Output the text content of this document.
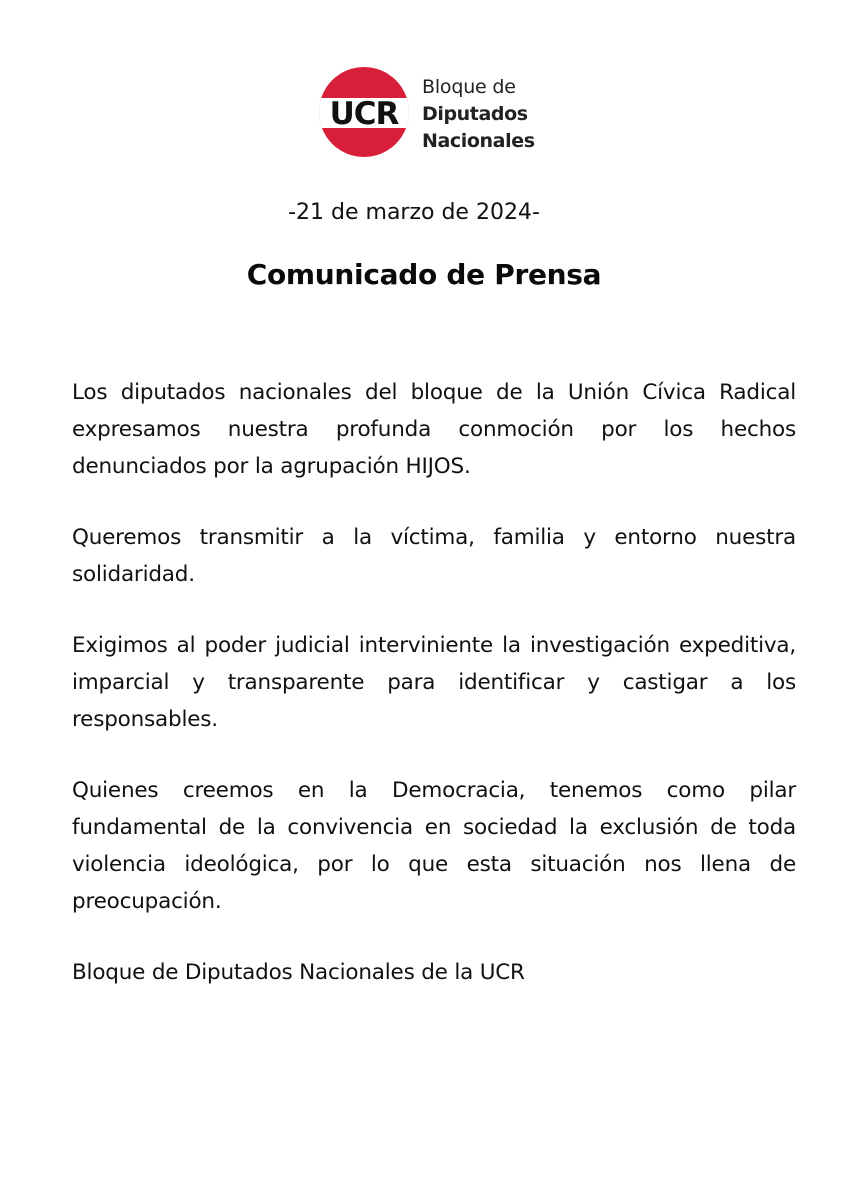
UCR
Bloque de
Diputados
Nacionales
-21 de marzo de 2024-
Comunicado de Prensa

Los diputados nacionales del bloque de la Unión Cívica Radical expresamos nuestra profunda conmoción por los hechos denunciados por la agrupación HIJOS.

Queremos transmitir a la víctima, familia y entorno nuestra solidaridad.

Exigimos al poder judicial interviniente la investigación expeditiva, imparcial y transparente para identificar y castigar a los responsables.

Quienes creemos en la Democracia, tenemos como pilar fundamental de la convivencia en sociedad la exclusión de toda violencia ideológica, por lo que esta situación nos llena de preocupación.

Bloque de Diputados Nacionales de la UCR
